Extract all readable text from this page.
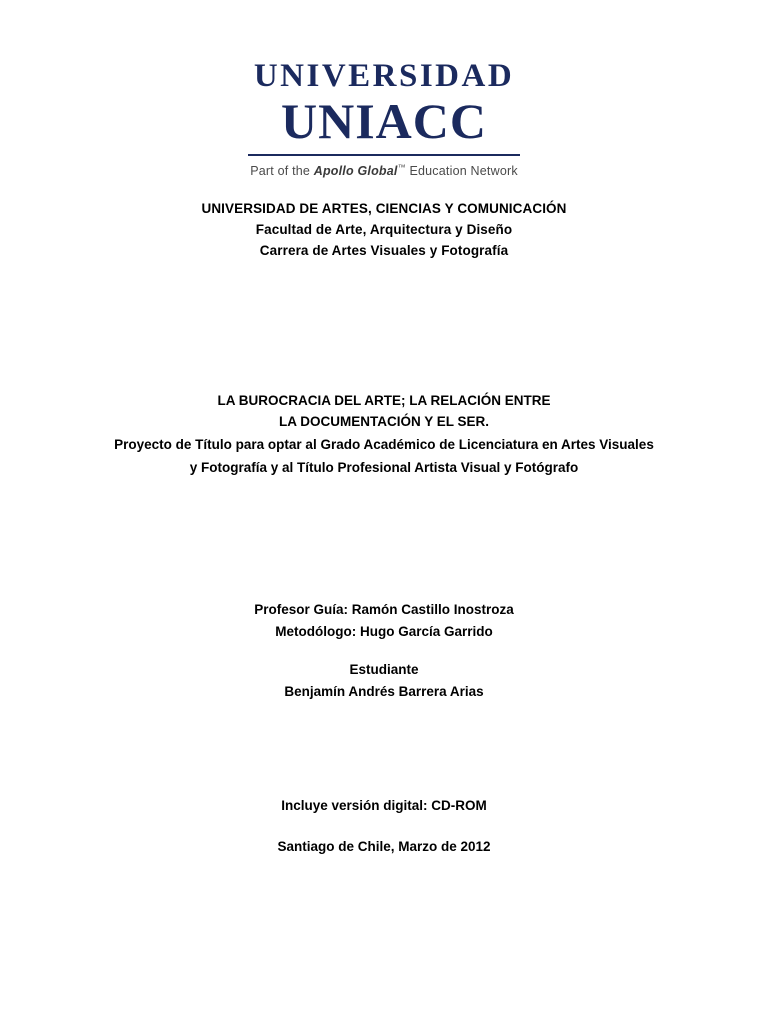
UNIVERSIDAD
UNIACC
Part of the Apollo Global™ Education Network
UNIVERSIDAD DE ARTES, CIENCIAS Y COMUNICACIÓN
Facultad de Arte, Arquitectura y Diseño
Carrera de Artes Visuales y Fotografía
LA BUROCRACIA DEL ARTE; LA RELACIÓN ENTRE
LA DOCUMENTACIÓN Y EL SER.
Proyecto de Título para optar al Grado Académico de Licenciatura en Artes Visuales
y Fotografía y al Título Profesional Artista Visual y Fotógrafo
Profesor Guía: Ramón Castillo Inostroza
Metodólogo: Hugo García Garrido
Estudiante
Benjamín Andrés Barrera Arias
Incluye versión digital: CD-ROM
Santiago de Chile, Marzo de 2012
